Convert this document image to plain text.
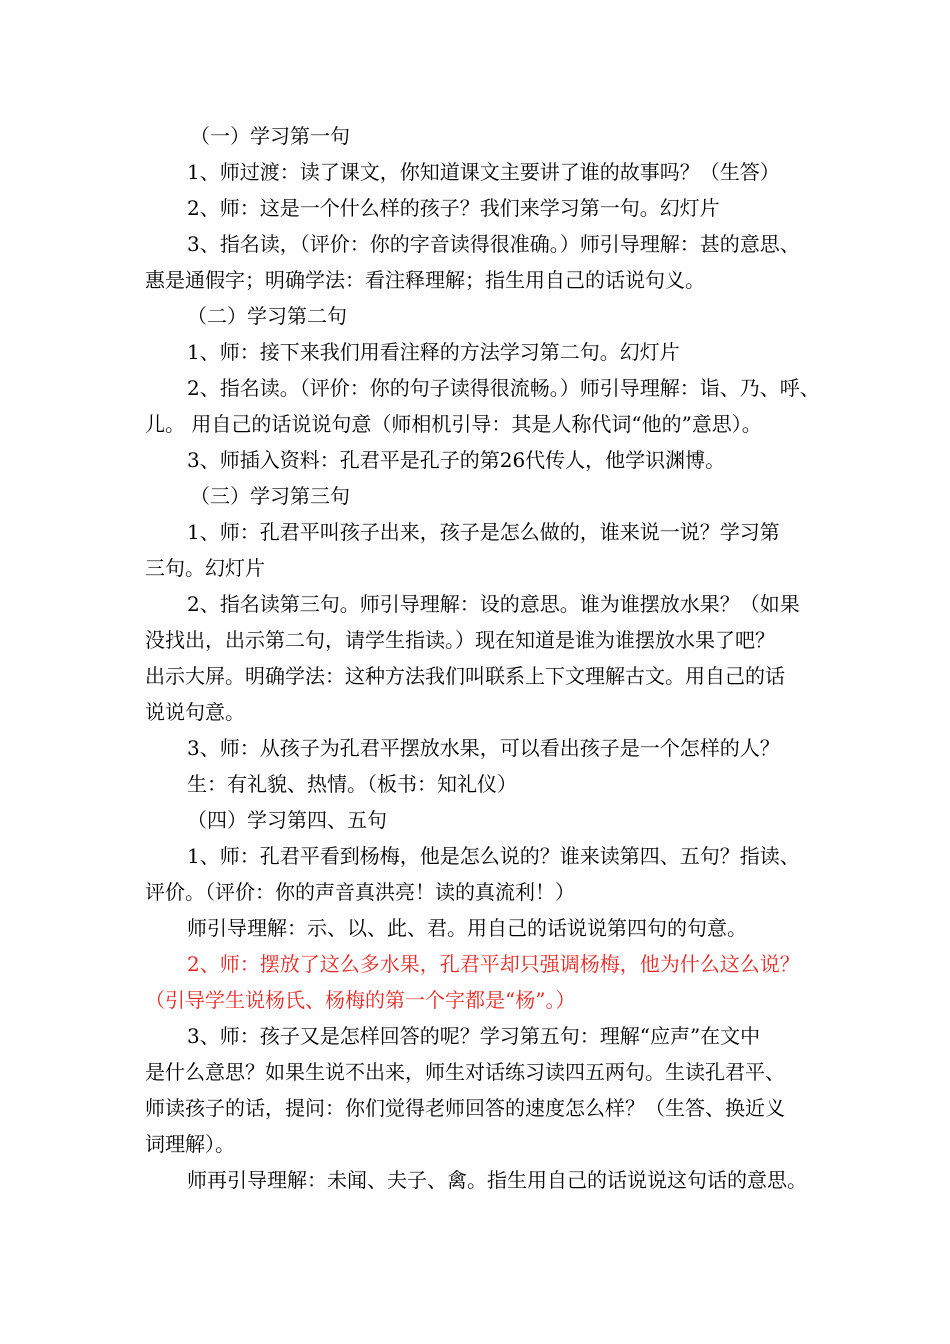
（一）学习第一句
1、师过渡：读了课文，你知道课文主要讲了谁的故事吗？（生答）
2、师：这是一个什么样的孩子？我们来学习第一句。幻灯片
3、指名读，（评价：你的字音读得很准确。）师引导理解：甚的意思、
惠是通假字；明确学法：看注释理解；指生用自己的话说句义。
（二）学习第二句
1、师：接下来我们用看注释的方法学习第二句。幻灯片
2、指名读。（评价：你的句子读得很流畅。）师引导理解：诣、乃、呼、
儿。 用自己的话说说句意（师相机引导：其是人称代词“他的”意思）。
3、师插入资料：孔君平是孔子的第26代传人，他学识渊博。
（三）学习第三句
1、师：孔君平叫孩子出来，孩子是怎么做的，谁来说一说？学习第
三句。幻灯片
2、指名读第三句。师引导理解：设的意思。谁为谁摆放水果？（如果
没找出，出示第二句，请学生指读。）现在知道是谁为谁摆放水果了吧？
出示大屏。明确学法：这种方法我们叫联系上下文理解古文。用自己的话
说说句意。
3、师：从孩子为孔君平摆放水果，可以看出孩子是一个怎样的人？
生：有礼貌、热情。（板书：知礼仪）
（四）学习第四、五句
1、师：孔君平看到杨梅，他是怎么说的？谁来读第四、五句？指读、
评价。（评价：你的声音真洪亮！读的真流利！）
师引导理解：示、以、此、君。用自己的话说说第四句的句意。
2、师：摆放了这么多水果，孔君平却只强调杨梅，他为什么这么说？
（引导学生说杨氏、杨梅的第一个字都是“杨”。）
3、师：孩子又是怎样回答的呢？学习第五句：理解“应声”在文中
是什么意思？如果生说不出来，师生对话练习读四五两句。生读孔君平、
师读孩子的话，提问：你们觉得老师回答的速度怎么样？（生答、换近义
词理解）。
师再引导理解：未闻、夫子、禽。指生用自己的话说说这句话的意思。
